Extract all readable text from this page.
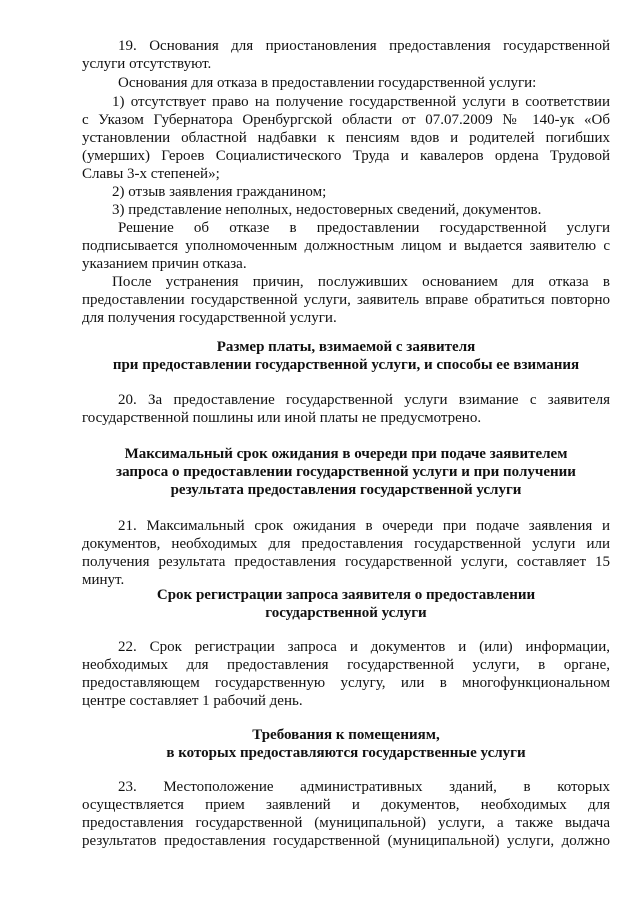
19. Основания для приостановления предоставления государственной
услуги отсутствуют.
Основания для отказа в предоставлении государственной услуги:
1) отсутствует право на получение государственной услуги в соответствии
с Указом Губернатора Оренбургской области от 07.07.2009 № 140-ук «Об
установлении областной надбавки к пенсиям вдов и родителей погибших
(умерших) Героев Социалистического Труда и кавалеров ордена Трудовой
Славы 3-х степеней»;
2) отзыв заявления гражданином;
3) представление неполных, недостоверных сведений, документов.
Решение об отказе в предоставлении государственной услуги
подписывается уполномоченным должностным лицом и выдается заявителю с
указанием причин отказа.
После устранения причин, послуживших основанием для отказа в
предоставлении государственной услуги, заявитель вправе обратиться повторно
для получения государственной услуги.
Размер платы, взимаемой с заявителя
при предоставлении государственной услуги, и способы ее взимания
20. За предоставление государственной услуги взимание с заявителя
государственной пошлины или иной платы не предусмотрено.
Максимальный срок ожидания в очереди при подаче заявителем
запроса о предоставлении государственной услуги и при получении
результата предоставления государственной услуги
21. Максимальный срок ожидания в очереди при подаче заявления и
документов, необходимых для предоставления государственной услуги или
получения результата предоставления государственной услуги, составляет 15
минут.
Срок регистрации запроса заявителя о предоставлении
государственной услуги
22. Срок регистрации запроса и документов и (или) информации,
необходимых для предоставления государственной услуги, в органе,
предоставляющем государственную услугу, или в многофункциональном
центре составляет 1 рабочий день.
Требования к помещениям,
в которых предоставляются государственные услуги
23. Местоположение административных зданий, в которых
осуществляется прием заявлений и документов, необходимых для
предоставления государственной (муниципальной) услуги, а также выдача
результатов предоставления государственной (муниципальной) услуги, должно
